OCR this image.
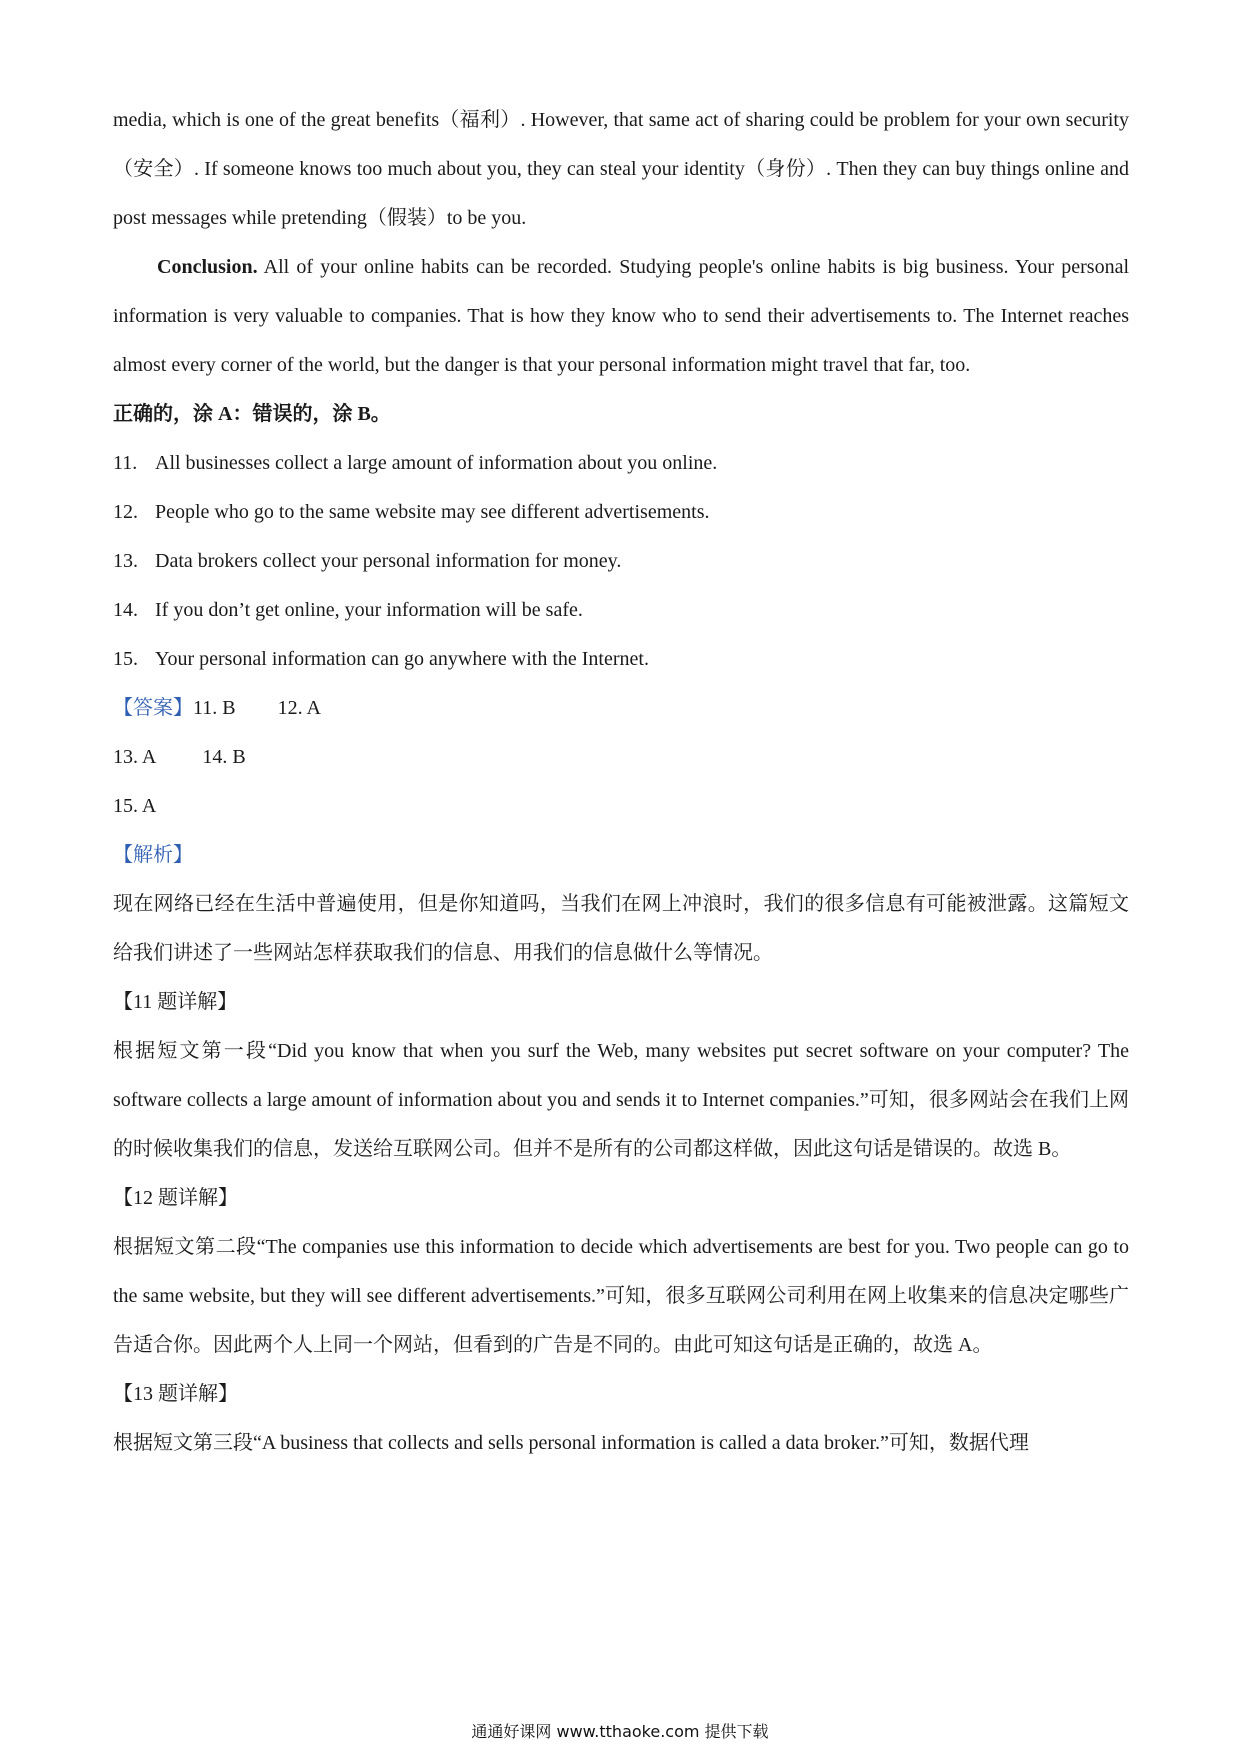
media, which is one of the great benefits（福利）. However, that same act of sharing could be problem for your own security（安全）. If someone knows too much about you, they can steal your identity（身份）. Then they can buy things online and post messages while pretending（假装）to be you.

Conclusion. All of your online habits can be recorded. Studying people's online habits is big business. Your personal information is very valuable to companies. That is how they know who to send their advertisements to. The Internet reaches almost every corner of the world, but the danger is that your personal information might travel that far, too.

正确的，涂 A：错误的，涂 B。

11. All businesses collect a large amount of information about you online.
12. People who go to the same website may see different advertisements.
13. Data brokers collect your personal information for money.
14. If you don’t get online, your information will be safe.
15. Your personal information can go anywhere with the Internet.
【答案】 11. B 12. A
13. A 14. B
15. A

【解析】

现在网络已经在生活中普遍使用，但是你知道吗，当我们在网上冲浪时，我们的很多信息有可能被泄露。这篇短文给我们讲述了一些网站怎样获取我们的信息、用我们的信息做什么等情况。

【11 题详解】

根据短文第一段“Did you know that when you surf the Web, many websites put secret software on your computer? The software collects a large amount of information about you and sends it to Internet companies.”可知，很多网站会在我们上网的时候收集我们的信息，发送给互联网公司。但并不是所有的公司都这样做，因此这句话是错误的。故选 B。

【12 题详解】

根据短文第二段“The companies use this information to decide which advertisements are best for you. Two people can go to the same website, but they will see different advertisements.”可知，很多互联网公司利用在网上收集来的信息决定哪些广告适合你。因此两个人上同一个网站，但看到的广告是不同的。由此可知这句话是正确的，故选 A。

【13 题详解】

根据短文第三段“A business that collects and sells personal information is called a data broker.”可知，数据代理

通通好课网 www.tthaoke.com 提供下载
